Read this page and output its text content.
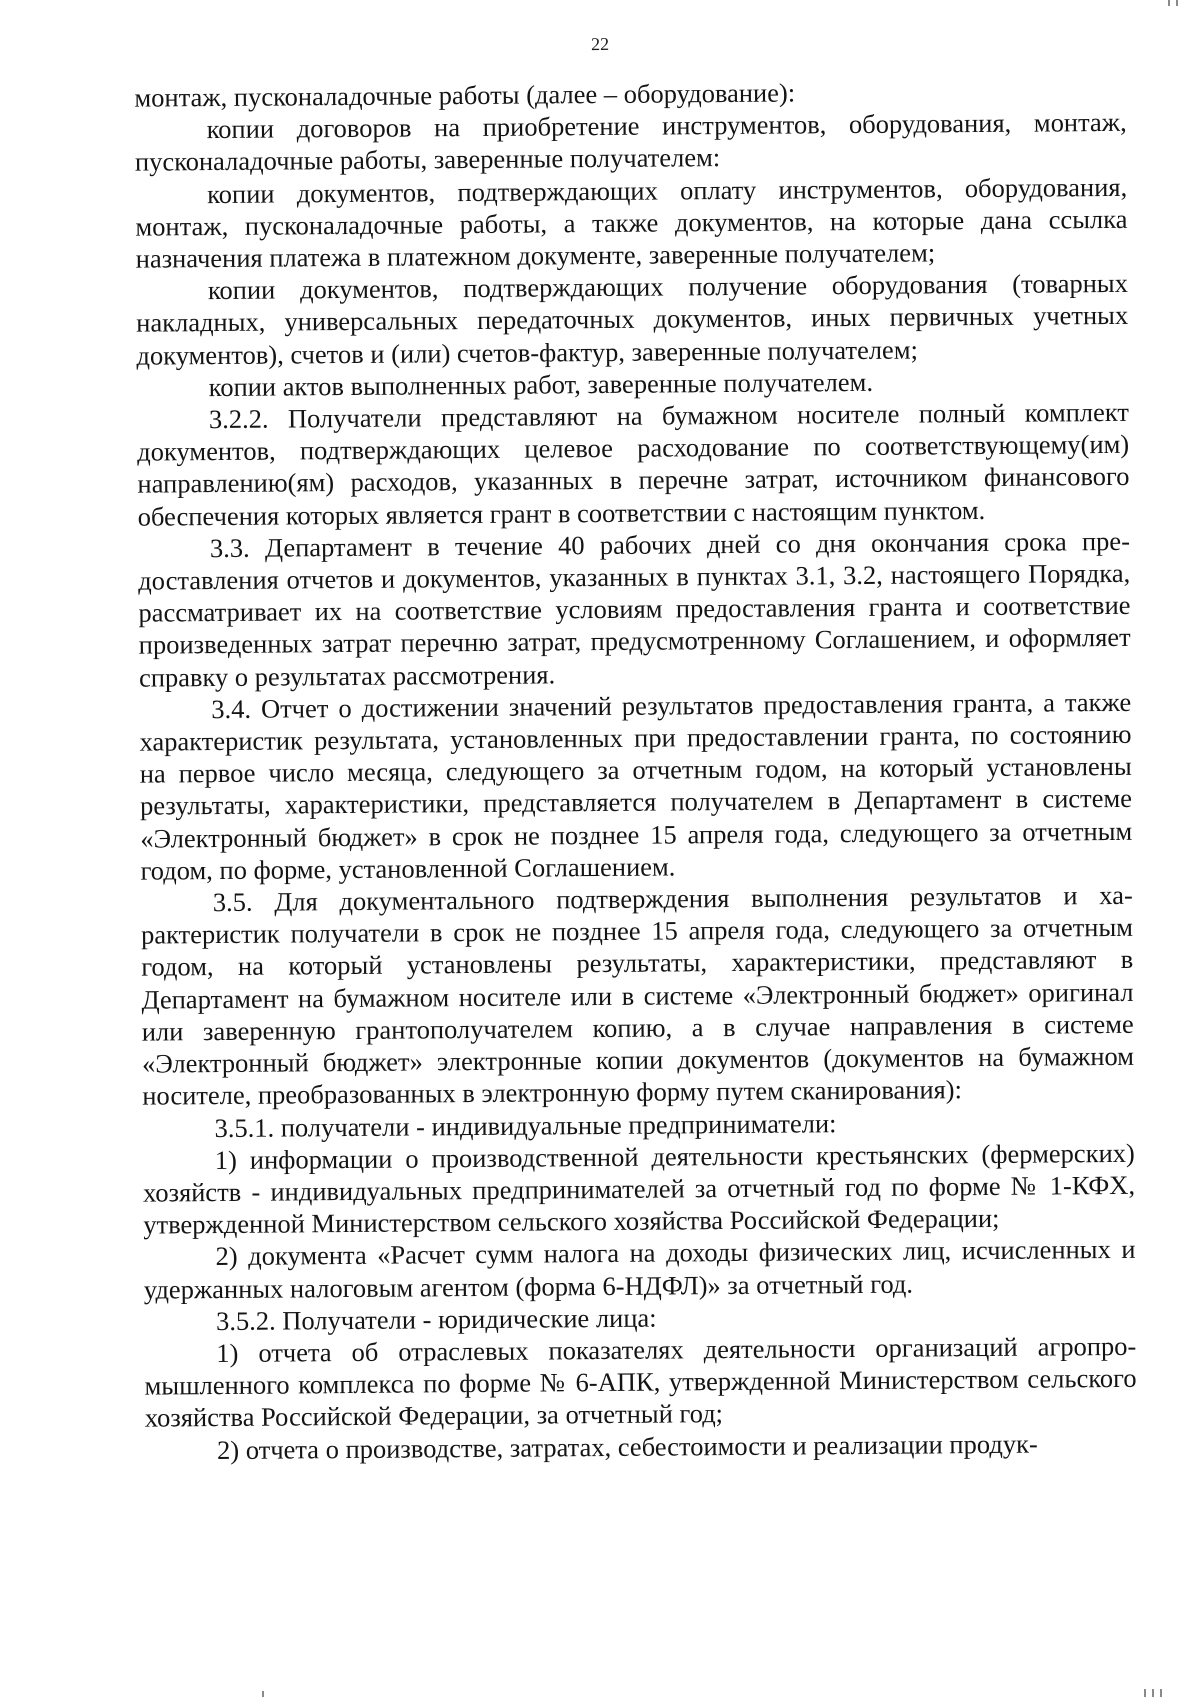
22

монтаж, пусконаладочные работы (далее – оборудование):

копии договоров на приобретение инструментов, оборудования, монтаж, пусконаладочные работы, заверенные получателем:

копии документов, подтверждающих оплату инструментов, оборудования, монтаж, пусконаладочные работы, а также документов, на которые дана ссылка назначения платежа в платежном документе, заверенные получателем;

копии документов, подтверждающих получение оборудования (товарных накладных, универсальных передаточных документов, иных первичных учетных документов), счетов и (или) счетов-фактур, заверенные получателем;

копии актов выполненных работ, заверенные получателем.

3.2.2. Получатели представляют на бумажном носителе полный комплект документов, подтверждающих целевое расходование по соответствующему(им) направлению(ям) расходов, указанных в перечне затрат, источником финансового обеспечения которых является грант в соответствии с настоящим пунктом.

3.3. Департамент в течение 40 рабочих дней со дня окончания срока предоставления отчетов и документов, указанных в пунктах 3.1, 3.2, настоящего Порядка, рассматривает их на соответствие условиям предоставления гранта и соответствие произведенных затрат перечню затрат, предусмотренному Соглашением, и оформляет справку о результатах рассмотрения.

3.4. Отчет о достижении значений результатов предоставления гранта, а также характеристик результата, установленных при предоставлении гранта, по состоянию на первое число месяца, следующего за отчетным годом, на который установлены результаты, характеристики, представляется получателем в Департамент в системе «Электронный бюджет» в срок не позднее 15 апреля года, следующего за отчетным годом, по форме, установленной Соглашением.

3.5. Для документального подтверждения выполнения результатов и характеристик получатели в срок не позднее 15 апреля года, следующего за отчетным годом, на который установлены результаты, характеристики, представляют в Департамент на бумажном носителе или в системе «Электронный бюджет» оригинал или заверенную грантополучателем копию, а в случае направления в системе «Электронный бюджет» электронные копии документов (документов на бумажном носителе, преобразованных в электронную форму путем сканирования):

3.5.1. получатели - индивидуальные предприниматели:

1) информации о производственной деятельности крестьянских (фермерских) хозяйств - индивидуальных предпринимателей за отчетный год по форме № 1-КФХ, утвержденной Министерством сельского хозяйства Российской Федерации;

2) документа «Расчет сумм налога на доходы физических лиц, исчисленных и удержанных налоговым агентом (форма 6-НДФЛ)» за отчетный год.

3.5.2. Получатели - юридические лица:

1) отчета об отраслевых показателях деятельности организаций агропромышленного комплекса по форме № 6-АПК, утвержденной Министерством сельского хозяйства Российской Федерации, за отчетный год;

2) отчета о производстве, затратах, себестоимости и реализации продук-
